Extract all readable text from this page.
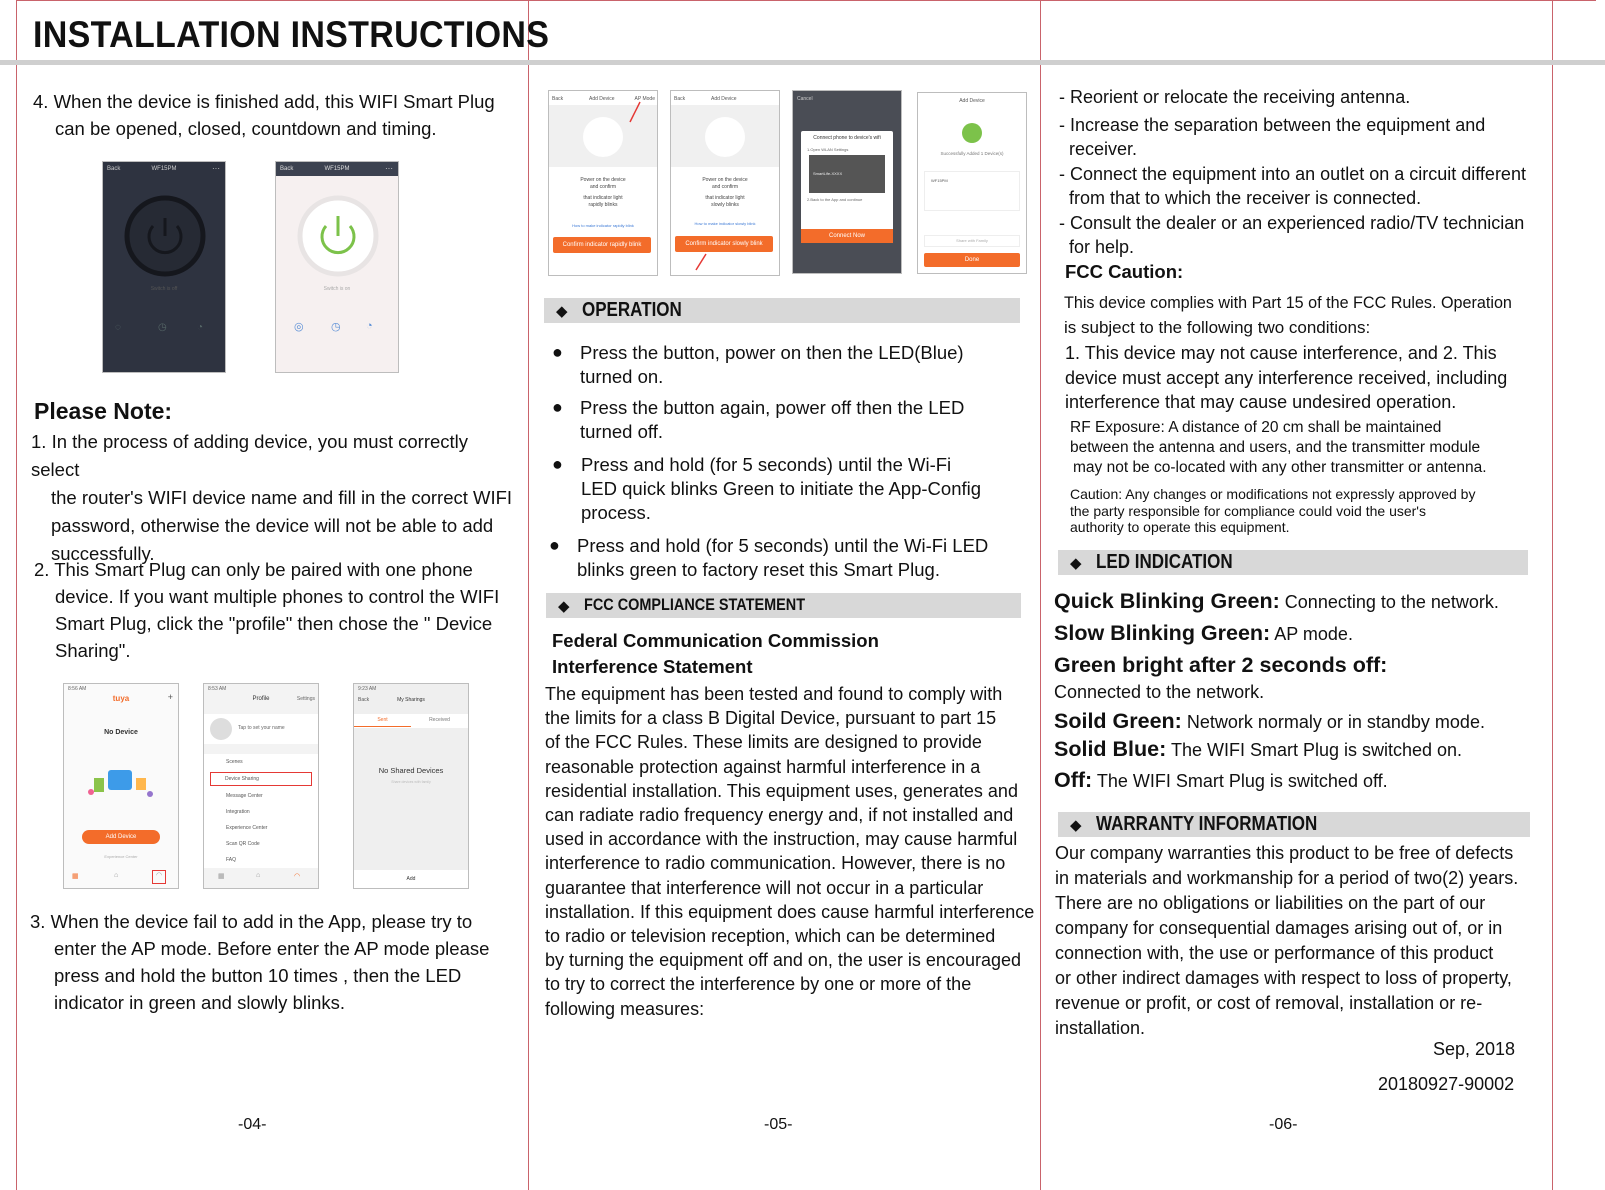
INSTALLATION INSTRUCTIONS

4. When the device is finished add, this WIFI Smart Plug

can be opened, closed, countdown and timing.

Back	WF15PM	···
Switch is off
◌	◷	◔
Back	WF15PM	···
Switch is on
◎ ◷ ◔
Please Note:

1. In the process of adding device, you must correctly select

the router's WIFI device name and fill in the correct WIFI

password, otherwise the device will not be able to add

successfully.

2. This Smart Plug can only be paired with one phone

device. If you want multiple phones to control the WIFI

Smart Plug, click the "profile" then chose the " Device

Sharing".

8:56 AM
tuya	+
No Device
Add Device
Experience Center
▦	⌂	◠
8:53 AM
Profile	Settings
Tap to set your name
Scenes
Device Sharing
Message Center
Integration
Experience Center
Scan QR Code
FAQ
▦	⌂	◠
9:23 AM
Back	My Sharings
Sent	Received
No Shared Devices
Share devices with family
Add

3. When the device fail to add in the App, please try to

enter the AP mode. Before enter the AP mode please

press and hold the button 10 times , then the LED

indicator in green and slowly blinks.

-04-
Back	Add Device	AP Mode
Power on the device
and confirm
that indicator light
rapidly blinks
How to make indicator rapidly blink
Confirm indicator rapidly blink
Back	Add Device
Power on the device
and confirm
that indicator light
slowly blinks
How to make indicator slowly blink
Confirm indicator slowly blink
Cancel
Connect phone to device's wifi
1.Open WLAN Settings
SmartLife-XXXX
2.Back to the App and continue
Connect Now
Add Device
Successfully Added 1 Device(s)
WF15PM
Share with Family
Done
◆ OPERATION
● Press the button, power on then the LED(Blue)
turned on.
● Press the button again, power off then the LED
turned off.
● Press and hold (for 5 seconds) until the Wi-Fi
LED quick blinks Green to initiate the App-Config
process.
● Press and hold (for 5 seconds) until the Wi-Fi LED
blinks green to factory reset this Smart Plug.
◆ FCC COMPLIANCE STATEMENT
Federal Communication Commission
Interference Statement
The equipment has been tested and found to comply with
the limits for a class B Digital Device, pursuant to part 15
of the FCC Rules. These limits are designed to provide
reasonable protection against harmful interference in a
residential installation. This equipment uses, generates and
can radiate radio frequency energy and, if not installed and
used in accordance with the instruction, may cause harmful
interference to radio communication. However, there is no
guarantee that interference will not occur in a particular
installation. If this equipment does cause harmful interference
to radio or television reception, which can be determined
by turning the equipment off and on, the user is encouraged
to try to correct the interference by one or more of the
following measures:
-05-
- Reorient or relocate the receiving antenna.
- Increase the separation between the equipment and
receiver.
- Connect the equipment into an outlet on a circuit different
from that to which the receiver is connected.
- Consult the dealer or an experienced radio/TV technician
for help.
FCC Caution:
This device complies with Part 15 of the FCC Rules. Operation
is subject to the following two conditions:
1. This device may not cause interference, and 2. This
device must accept any interference received, including
interference that may cause undesired operation.
RF Exposure: A distance of 20 cm shall be maintained
between the antenna and users, and the transmitter module
may not be co-located with any other transmitter or antenna.
Caution: Any changes or modifications not expressly approved by
the party responsible for compliance could void the user's
authority to operate this equipment.
◆ LED INDICATION
Quick Blinking Green: Connecting to the network.
Slow Blinking Green: AP mode.
Green bright after 2 seconds off:
Connected to the network.
Soild Green: Network normaly or in standby mode.
Solid Blue: The WIFI Smart Plug is switched on.
Off: The WIFI Smart Plug is switched off.
◆ WARRANTY INFORMATION
Our company warranties this product to be free of defects
in materials and workmanship for a period of two(2) years.
There are no obligations or liabilities on the part of our
company for consequential damages arising out of, or in
connection with, the use or performance of this product
or other indirect damages with respect to loss of property,
revenue or profit, or cost of removal, installation or re-
installation.
Sep, 2018
20180927-90002
-06-
